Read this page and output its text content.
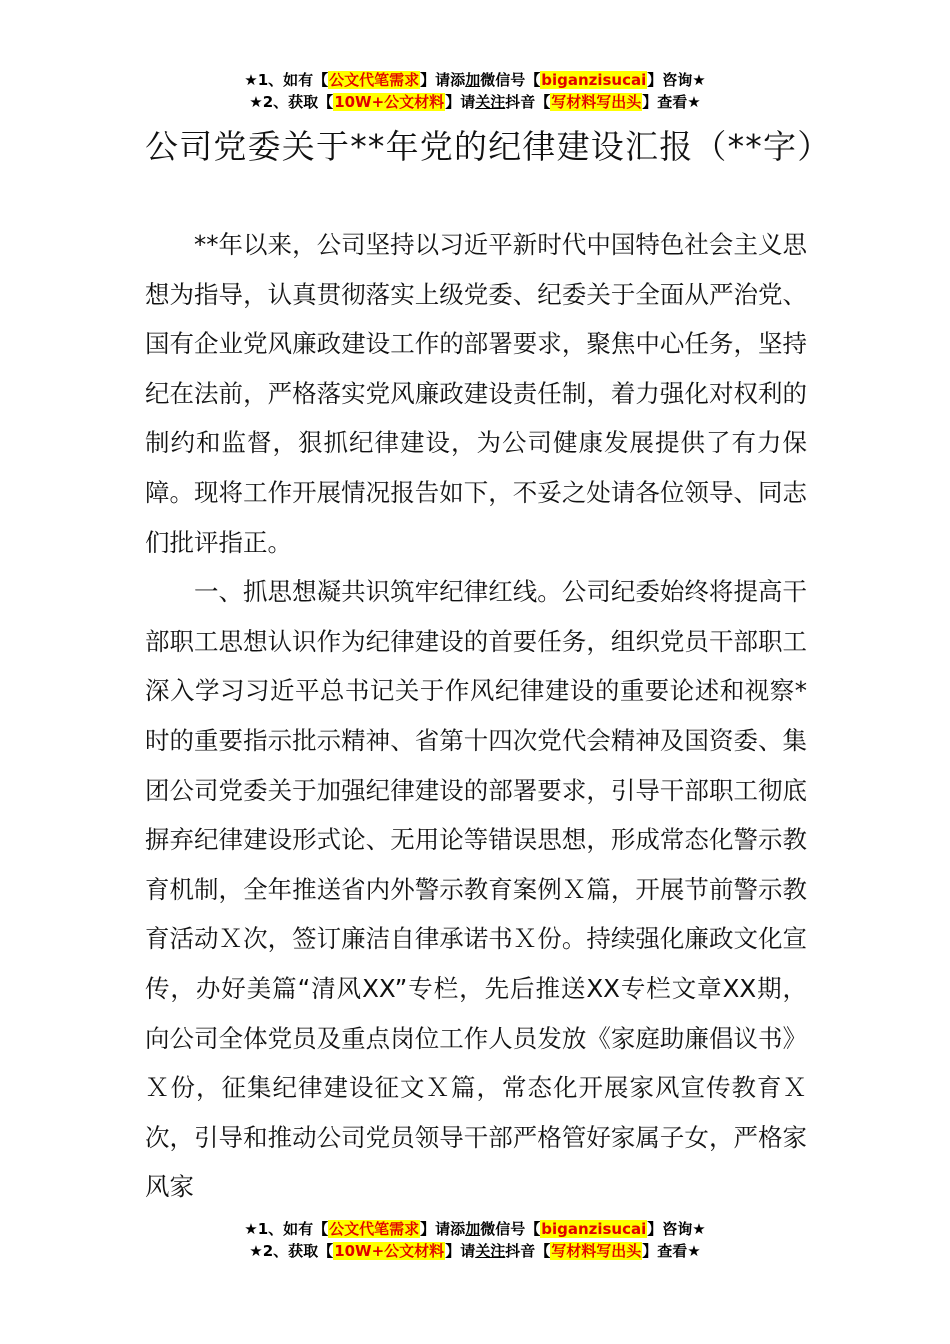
★1、如有【公文代笔需求】请添加微信号【biganzisucai】咨询★
★2、获取【10W+公文材料】请关注抖音【写材料写出头】查看★
公司党委关于**年党的纪律建设汇报（**字）

**年以来，公司坚持以习近平新时代中国特色社会主义思想为指导，认真贯彻落实上级党委、纪委关于全面从严治党、国有企业党风廉政建设工作的部署要求，聚焦中心任务，坚持纪在法前，严格落实党风廉政建设责任制，着力强化对权利的制约和监督，狠抓纪律建设，为公司健康发展提供了有力保障。现将工作开展情况报告如下，不妥之处请各位领导、同志们批评指正。

一、抓思想凝共识筑牢纪律红线。公司纪委始终将提高干部职工思想认识作为纪律建设的首要任务，组织党员干部职工深入学习习近平总书记关于作风纪律建设的重要论述和视察*时的重要指示批示精神、省第十四次党代会精神及国资委、集团公司党委关于加强纪律建设的部署要求，引导干部职工彻底摒弃纪律建设形式论、无用论等错误思想，形成常态化警示教育机制，全年推送省内外警示教育案例Ｘ篇，开展节前警示教育活动Ｘ次，签订廉洁自律承诺书Ｘ份。持续强化廉政文化宣传，办好美篇“清风XX”专栏，先后推送XX专栏文章XX期，向公司全体党员及重点岗位工作人员发放《家庭助廉倡议书》Ｘ份，征集纪律建设征文Ｘ篇，常态化开展家风宣传教育Ｘ次，引导和推动公司党员领导干部严格管好家属子女，严格家风家

★1、如有【公文代笔需求】请添加微信号【biganzisucai】咨询★
★2、获取【10W+公文材料】请关注抖音【写材料写出头】查看★
